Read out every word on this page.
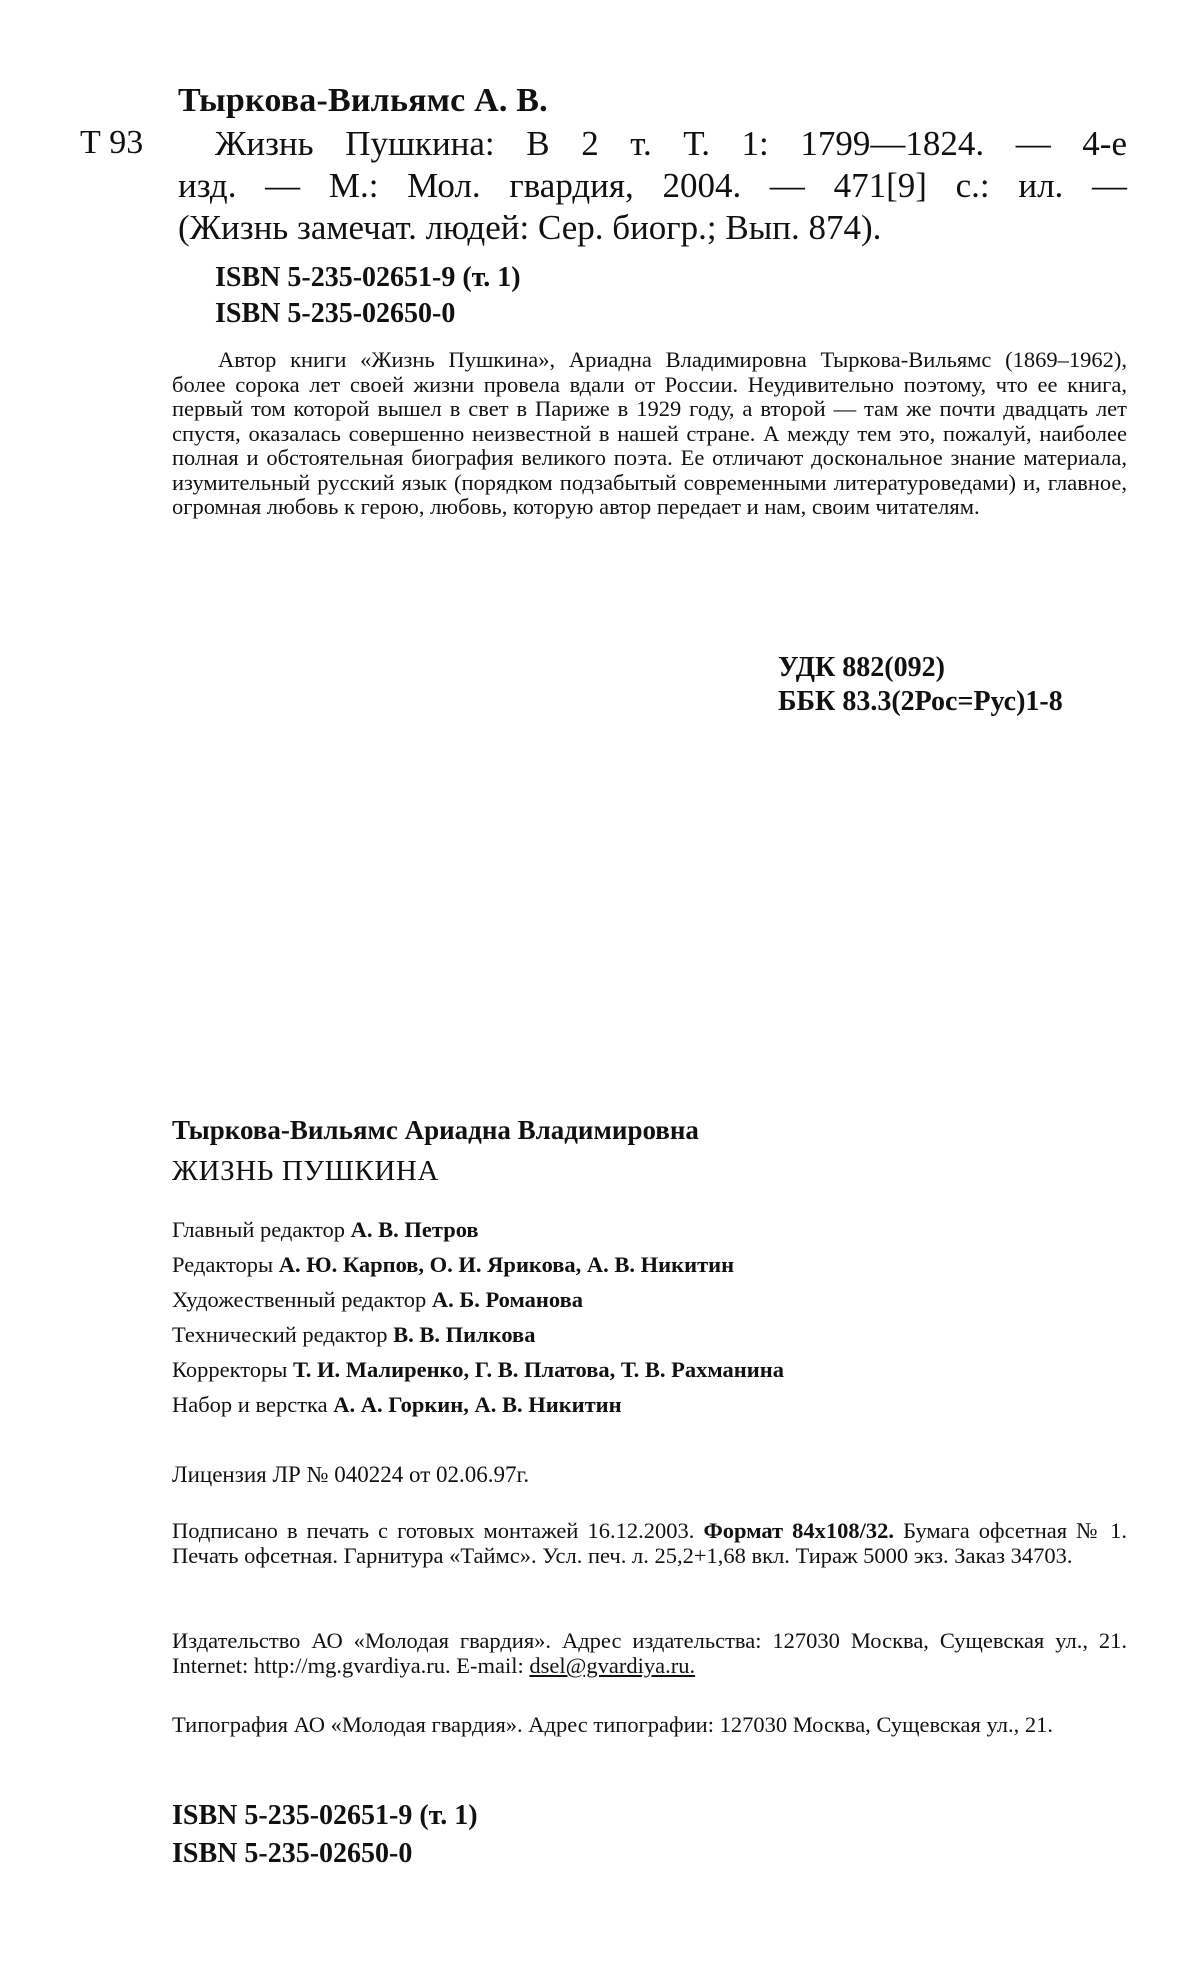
Тыркова-Вильямс А. В.
Т 93 Жизнь Пушкина: В 2 т. Т. 1: 1799—1824. — 4-е
изд. — М.: Мол. гвардия, 2004. — 471[9] с.: ил. —
(Жизнь замечат. людей: Сер. биогр.; Вып. 874).
ISBN 5-235-02651-9 (т. 1)
ISBN 5-235-02650-0

Автор книги «Жизнь Пушкина», Ариадна Владимировна Тыркова-Вильямс (1869–1962), более сорока лет своей жизни провела вдали от России. Неудивительно поэтому, что ее книга, первый том которой вышел в свет в Париже в 1929 году, а второй — там же почти двадцать лет спустя, оказалась совершенно неизвестной в нашей стране. А между тем это, пожалуй, наиболее полная и обстоятельная биография великого поэта. Ее отличают доскональное знание материала, изумительный русский язык (порядком подзабытый современными литературоведами) и, главное, огромная любовь к герою, любовь, которую автор передает и нам, своим читателям.

УДК 882(092)
ББК 83.3(2Рос=Рус)1-8
Тыркова-Вильямс Ариадна Владимировна
ЖИЗНЬ ПУШКИНА
Главный редактор А. В. Петров
Редакторы А. Ю. Карпов, О. И. Ярикова, А. В. Никитин
Художественный редактор А. Б. Романова
Технический редактор В. В. Пилкова
Корректоры Т. И. Малиренко, Г. В. Платова, Т. В. Рахманина
Набор и верстка А. А. Горкин, А. В. Никитин
Лицензия ЛР № 040224 от 02.06.97г.

Подписано в печать с готовых монтажей 16.12.2003. Формат 84х108/32. Бумага офсетная № 1. Печать офсетная. Гарнитура «Таймс». Усл. печ. л. 25,2+1,68 вкл. Тираж 5000 экз. Заказ 34703.

Издательство АО «Молодая гвардия». Адрес издательства: 127030 Москва, Сущевская ул., 21. Internet: http://mg.gvardiya.ru. E-mail: dsel@gvardiya.ru.

Типография АО «Молодая гвардия». Адрес типографии: 127030 Москва, Сущевская ул., 21.

ISBN 5-235-02651-9 (т. 1)
ISBN 5-235-02650-0
